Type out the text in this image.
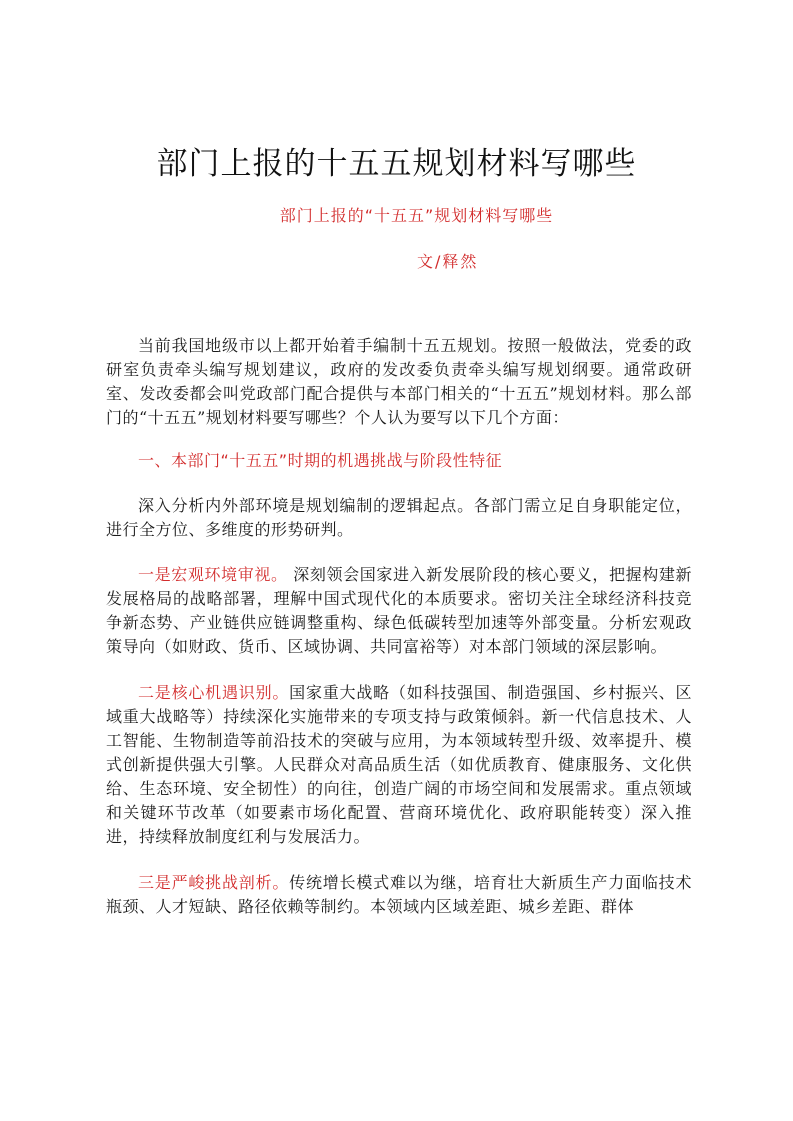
部门上报的十五五规划材料写哪些
部门上报的“十五五”规划材料写哪些
文/释然

当前我国地级市以上都开始着手编制十五五规划。按照一般做法，党委的政研室负责牵头编写规划建议，政府的发改委负责牵头编写规划纲要。通常政研室、发改委都会叫党政部门配合提供与本部门相关的“十五五”规划材料。那么部门的“十五五”规划材料要写哪些？个人认为要写以下几个方面：

一、本部门“十五五”时期的机遇挑战与阶段性特征

深入分析内外部环境是规划编制的逻辑起点。各部门需立足自身职能定位，进行全方位、多维度的形势研判。

一是宏观环境审视。 深刻领会国家进入新发展阶段的核心要义，把握构建新发展格局的战略部署，理解中国式现代化的本质要求。密切关注全球经济科技竞争新态势、产业链供应链调整重构、绿色低碳转型加速等外部变量。分析宏观政策导向（如财政、货币、区域协调、共同富裕等）对本部门领域的深层影响。

二是核心机遇识别。国家重大战略（如科技强国、制造强国、乡村振兴、区域重大战略等）持续深化实施带来的专项支持与政策倾斜。新一代信息技术、人工智能、生物制造等前沿技术的突破与应用，为本领域转型升级、效率提升、模式创新提供强大引擎。人民群众对高品质生活（如优质教育、健康服务、文化供给、生态环境、安全韧性）的向往，创造广阔的市场空间和发展需求。重点领域和关键环节改革（如要素市场化配置、营商环境优化、政府职能转变）深入推进，持续释放制度红利与发展活力。

三是严峻挑战剖析。传统增长模式难以为继，培育壮大新质生产力面临技术瓶颈、人才短缺、路径依赖等制约。本领域内区域差距、城乡差距、群体
